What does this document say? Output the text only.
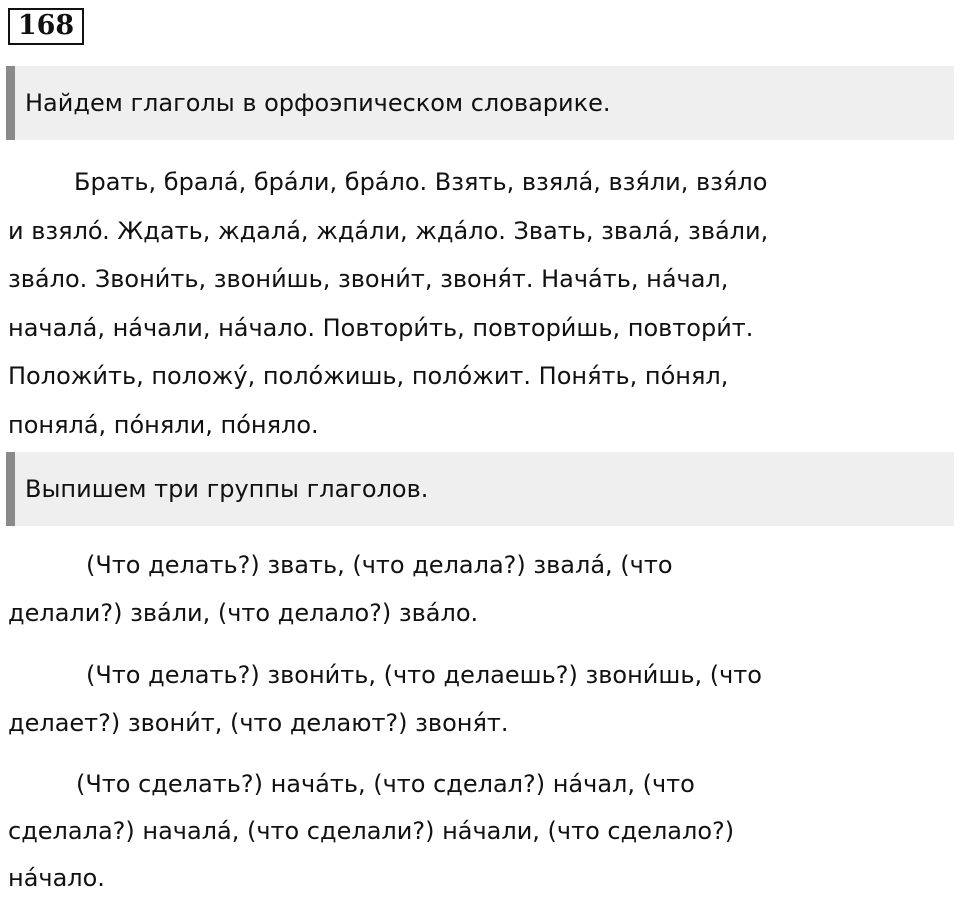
168
Найдем глаголы в орфоэпическом словарике.

Брать, бралá, брáли, брáло. Взять, взялá, взя́ли, взя́ло
и взялó. Ждать, ждалá, ждáли, ждáло. Звать, звалá, звáли,
звáло. Звони́ть, звони́шь, звони́т, звоня́т. Начáть, нáчал,
началá, нáчали, нáчало. Повтори́ть, повтори́шь, повтори́т.
Положи́ть, положу́, полóжишь, полóжит. Поня́ть, пóнял,
понялá, пóняли, пóняло.

Выпишем три группы глаголов.

(Что делать?) звать, (что делала?) звалá, (что
делали?) звáли, (что делало?) звáло.

(Что делать?) звони́ть, (что делаешь?) звони́шь, (что
делает?) звони́т, (что делают?) звоня́т.

(Что сделать?) начáть, (что сделал?) нáчал, (что
сделала?) началá, (что сделали?) нáчали, (что сделало?)
нáчало.
